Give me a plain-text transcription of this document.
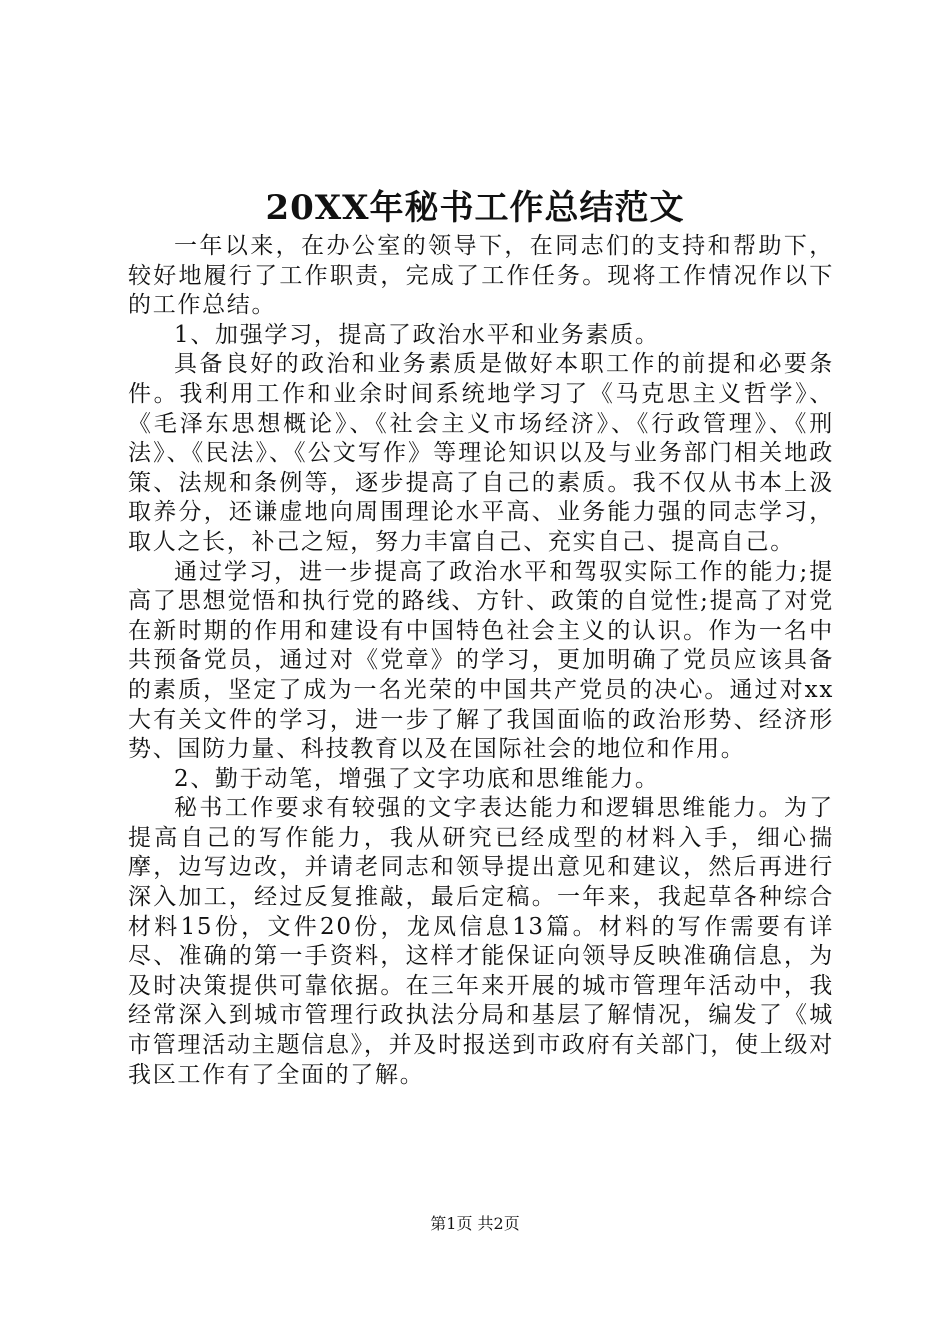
20XX年秘书工作总结范文

一年以来，在办公室的领导下，在同志们的支持和帮助下，较好地履行了工作职责，完成了工作任务。现将工作情况作以下的工作总结。

1、加强学习，提高了政治水平和业务素质。

具备良好的政治和业务素质是做好本职工作的前提和必要条件。我利用工作和业余时间系统地学习了《马克思主义哲学》、《毛泽东思想概论》、《社会主义市场经济》、《行政管理》、《刑法》、《民法》、《公文写作》等理论知识以及与业务部门相关地政策、法规和条例等，逐步提高了自己的素质。我不仅从书本上汲取养分，还谦虚地向周围理论水平高、业务能力强的同志学习，取人之长，补己之短，努力丰富自己、充实自己、提高自己。

通过学习，进一步提高了政治水平和驾驭实际工作的能力;提高了思想觉悟和执行党的路线、方针、政策的自觉性;提高了对党在新时期的作用和建设有中国特色社会主义的认识。作为一名中共预备党员，通过对《党章》的学习，更加明确了党员应该具备的素质，坚定了成为一名光荣的中国共产党员的决心。通过对xx大有关文件的学习，进一步了解了我国面临的政治形势、经济形势、国防力量、科技教育以及在国际社会的地位和作用。

2、勤于动笔，增强了文字功底和思维能力。

秘书工作要求有较强的文字表达能力和逻辑思维能力。为了提高自己的写作能力，我从研究已经成型的材料入手，细心揣摩，边写边改，并请老同志和领导提出意见和建议，然后再进行深入加工，经过反复推敲，最后定稿。一年来，我起草各种综合材料15份，文件20份，龙凤信息13篇。材料的写作需要有详尽、准确的第一手资料，这样才能保证向领导反映准确信息，为及时决策提供可靠依据。在三年来开展的城市管理年活动中，我经常深入到城市管理行政执法分局和基层了解情况，编发了《城市管理活动主题信息》，并及时报送到市政府有关部门，使上级对我区工作有了全面的了解。

第1页 共2页
